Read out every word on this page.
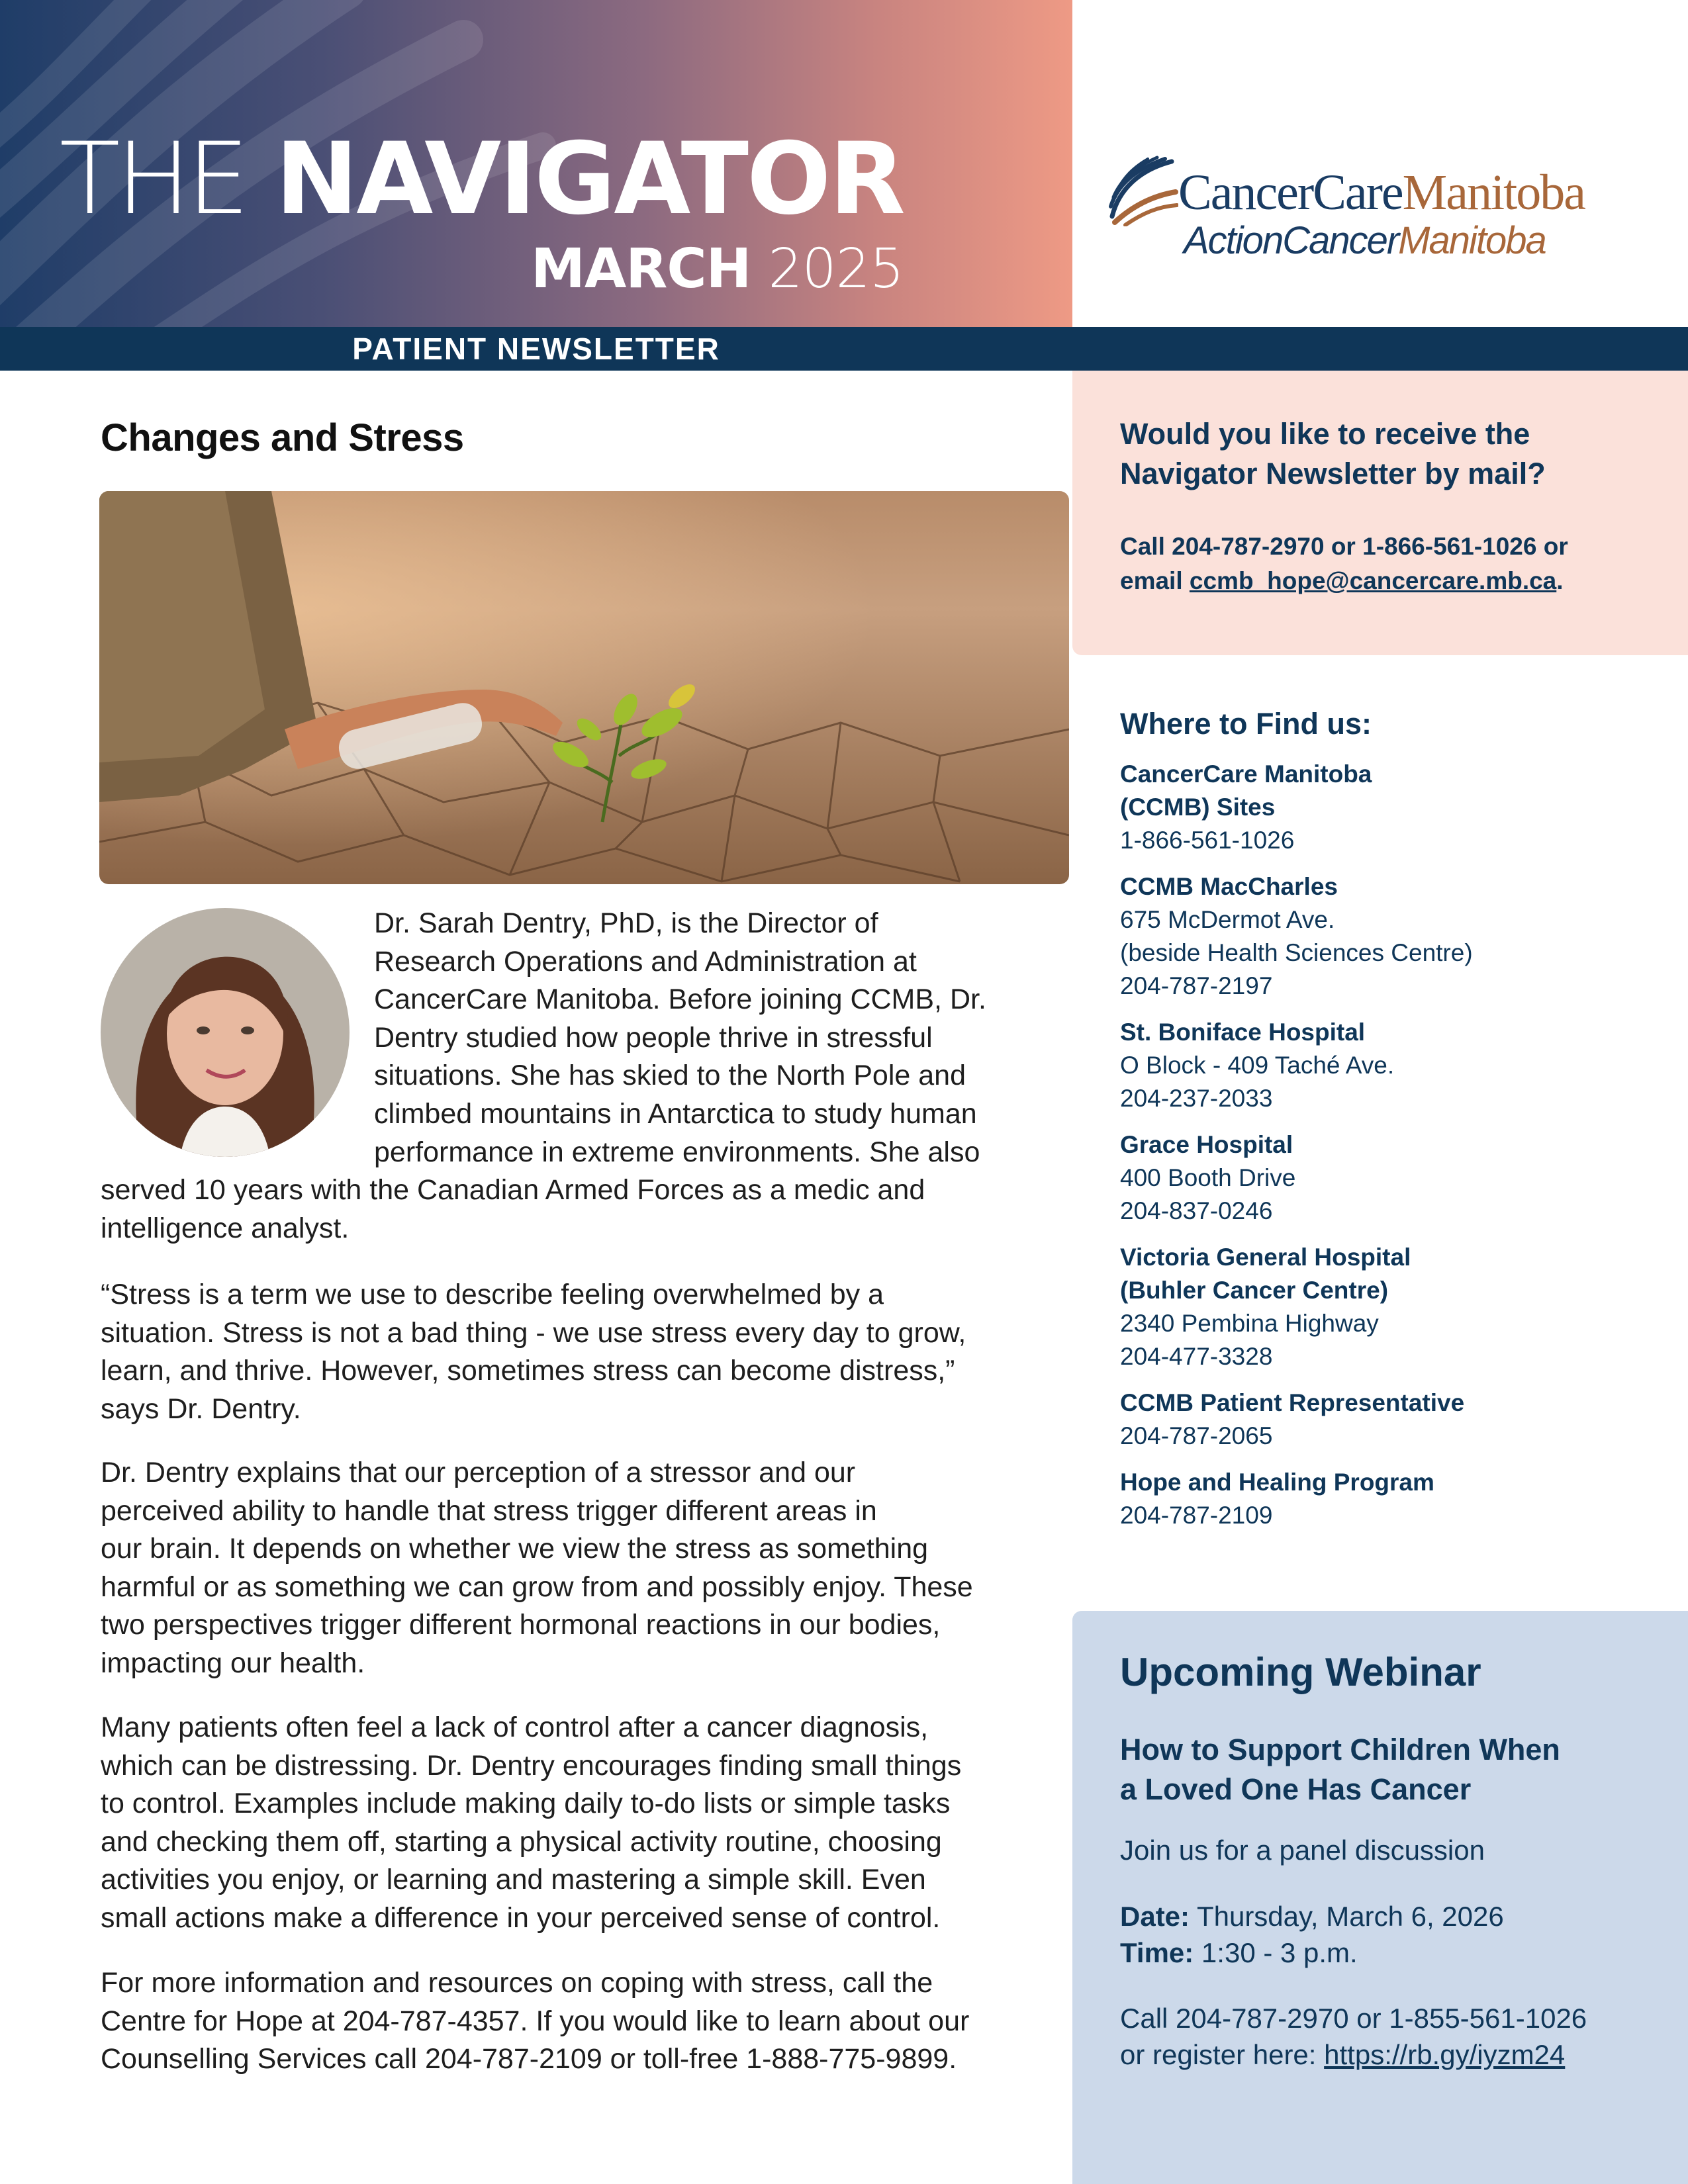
THE NAVIGATOR
MARCH 2025
CancerCareManitoba
ActionCancerManitoba
PATIENT NEWSLETTER
Changes and Stress
Dr. Sarah Dentry, PhD, is the Director of
Research Operations and Administration at
CancerCare Manitoba. Before joining CCMB, Dr.
Dentry studied how people thrive in stressful
situations. She has skied to the North Pole and
climbed mountains in Antarctica to study human
performance in extreme environments. She also
served 10 years with the Canadian Armed Forces as a medic and
intelligence analyst.
“Stress is a term we use to describe feeling overwhelmed by a
situation. Stress is not a bad thing - we use stress every day to grow,
learn, and thrive. However, sometimes stress can become distress,”
says Dr. Dentry.
Dr. Dentry explains that our perception of a stressor and our
perceived ability to handle that stress trigger different areas in
our brain. It depends on whether we view the stress as something
harmful or as something we can grow from and possibly enjoy. These
two perspectives trigger different hormonal reactions in our bodies,
impacting our health.
Many patients often feel a lack of control after a cancer diagnosis,
which can be distressing. Dr. Dentry encourages finding small things
to control. Examples include making daily to-do lists or simple tasks
and checking them off, starting a physical activity routine, choosing
activities you enjoy, or learning and mastering a simple skill. Even
small actions make a difference in your perceived sense of control.
For more information and resources on coping with stress, call the
Centre for Hope at 204-787-4357. If you would like to learn about our
Counselling Services call 204-787-2109 or toll-free 1-888-775-9899.
Would you like to receive the
Navigator Newsletter by mail?
Call 204-787-2970 or 1-866-561-1026 or
email ccmb_hope@cancercare.mb.ca.
Where to Find us:
CancerCare Manitoba
(CCMB) Sites
1-866-561-1026
CCMB MacCharles
675 McDermot Ave.
(beside Health Sciences Centre)
204-787-2197
St. Boniface Hospital
O Block - 409 Taché Ave.
204-237-2033
Grace Hospital
400 Booth Drive
204-837-0246
Victoria General Hospital
(Buhler Cancer Centre)
2340 Pembina Highway
204-477-3328
CCMB Patient Representative
204-787-2065
Hope and Healing Program
204-787-2109
Upcoming Webinar
How to Support Children When
a Loved One Has Cancer
Join us for a panel discussion
Date: Thursday, March 6, 2026
Time: 1:30 - 3 p.m.
Call 204-787-2970 or 1-855-561-1026
or register here: https://rb.gy/iyzm24
